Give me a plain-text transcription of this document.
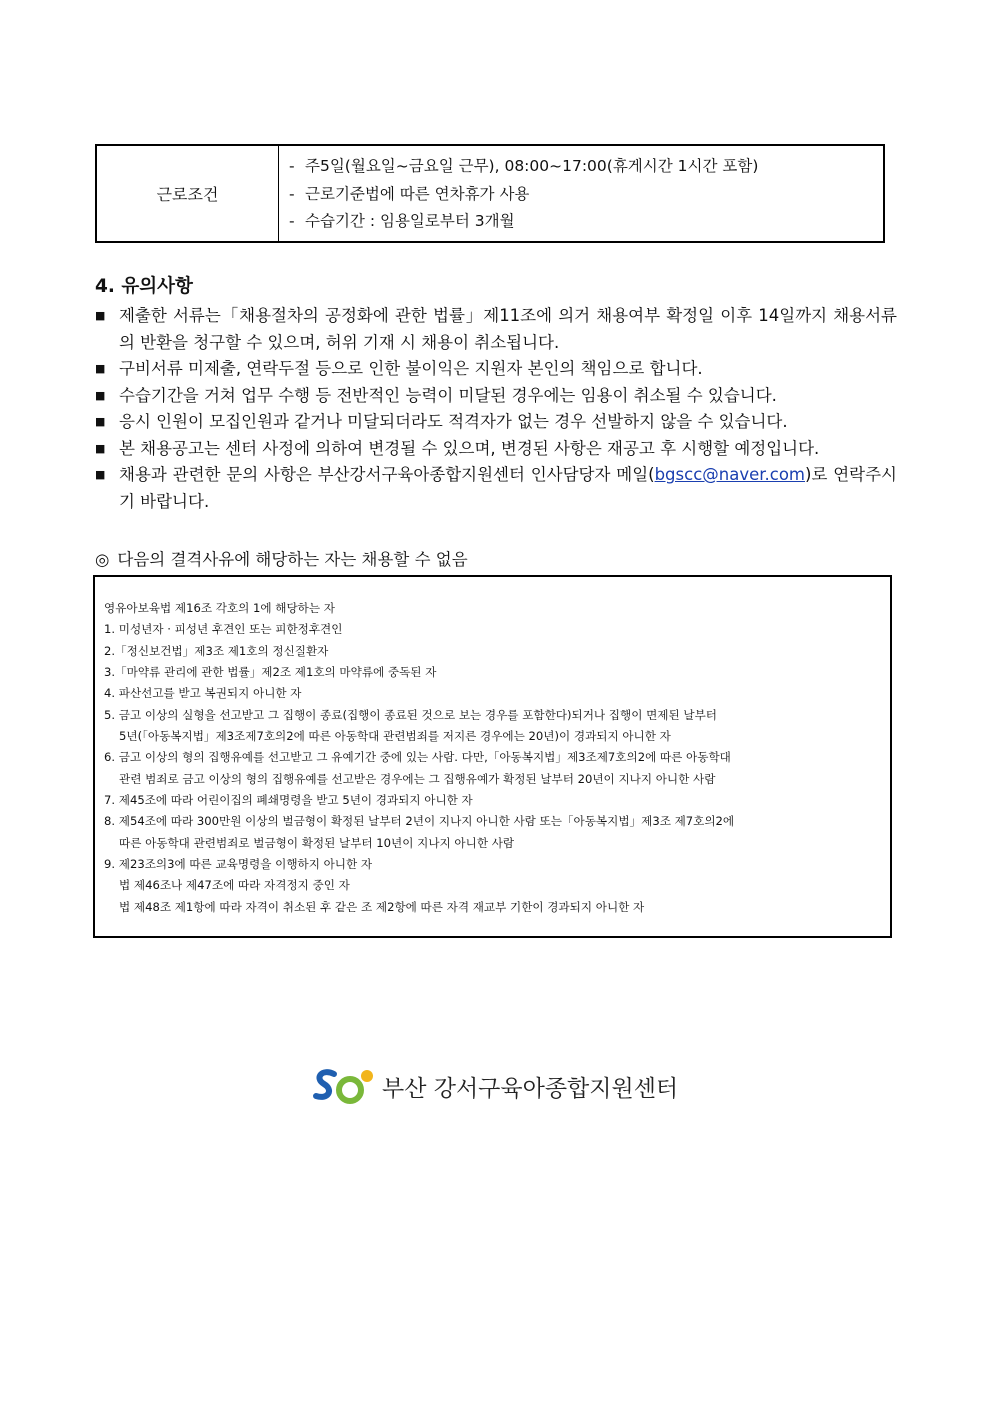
근로조건
- 주5일(월요일~금요일 근무), 08:00~17:00(휴게시간 1시간 포함)
- 근로기준법에 따른 연차휴가 사용
- 수습기간 : 임용일로부터 3개월
4. 유의사항
■ 제출한 서류는「채용절차의 공정화에 관한 법률」제11조에 의거 채용여부 확정일 이후 14일까지 채용서류의 반환을 청구할 수 있으며, 허위 기재 시 채용이 취소됩니다.
■ 구비서류 미제출, 연락두절 등으로 인한 불이익은 지원자 본인의 책임으로 합니다.
■ 수습기간을 거쳐 업무 수행 등 전반적인 능력이 미달된 경우에는 임용이 취소될 수 있습니다.
■ 응시 인원이 모집인원과 같거나 미달되더라도 적격자가 없는 경우 선발하지 않을 수 있습니다.
■ 본 채용공고는 센터 사정에 의하여 변경될 수 있으며, 변경된 사항은 재공고 후 시행할 예정입니다.
■ 채용과 관련한 문의 사항은 부산강서구육아종합지원센터 인사담당자 메일(bgscc@naver.com)로 연락주시기 바랍니다.
◎ 다음의 결격사유에 해당하는 자는 채용할 수 없음
영유아보육법 제16조 각호의 1에 해당하는 자
1. 미성년자 · 피성년 후견인 또는 피한정후견인
2.「정신보건법」제3조 제1호의 정신질환자
3.「마약류 관리에 관한 법률」제2조 제1호의 마약류에 중독된 자
4. 파산선고를 받고 복권되지 아니한 자
5. 금고 이상의 실형을 선고받고 그 집행이 종료(집행이 종료된 것으로 보는 경우를 포함한다)되거나 집행이 면제된 날부터
5년(「아동복지법」제3조제7호의2에 따른 아동학대 관련범죄를 저지른 경우에는 20년)이 경과되지 아니한 자
6. 금고 이상의 형의 집행유예를 선고받고 그 유예기간 중에 있는 사람. 다만,「아동복지법」제3조제7호의2에 따른 아동학대
관련 범죄로 금고 이상의 형의 집행유예를 선고받은 경우에는 그 집행유예가 확정된 날부터 20년이 지나지 아니한 사람
7. 제45조에 따라 어린이집의 폐쇄명령을 받고 5년이 경과되지 아니한 자
8. 제54조에 따라 300만원 이상의 벌금형이 확정된 날부터 2년이 지나지 아니한 사람 또는「아동복지법」제3조 제7호의2에
따른 아동학대 관련범죄로 벌금형이 확정된 날부터 10년이 지나지 아니한 사람
9. 제23조의3에 따른 교육명령을 이행하지 아니한 자
법 제46조나 제47조에 따라 자격정지 중인 자
법 제48조 제1항에 따라 자격이 취소된 후 같은 조 제2항에 따른 자격 재교부 기한이 경과되지 아니한 자
부산 강서구육아종합지원센터
